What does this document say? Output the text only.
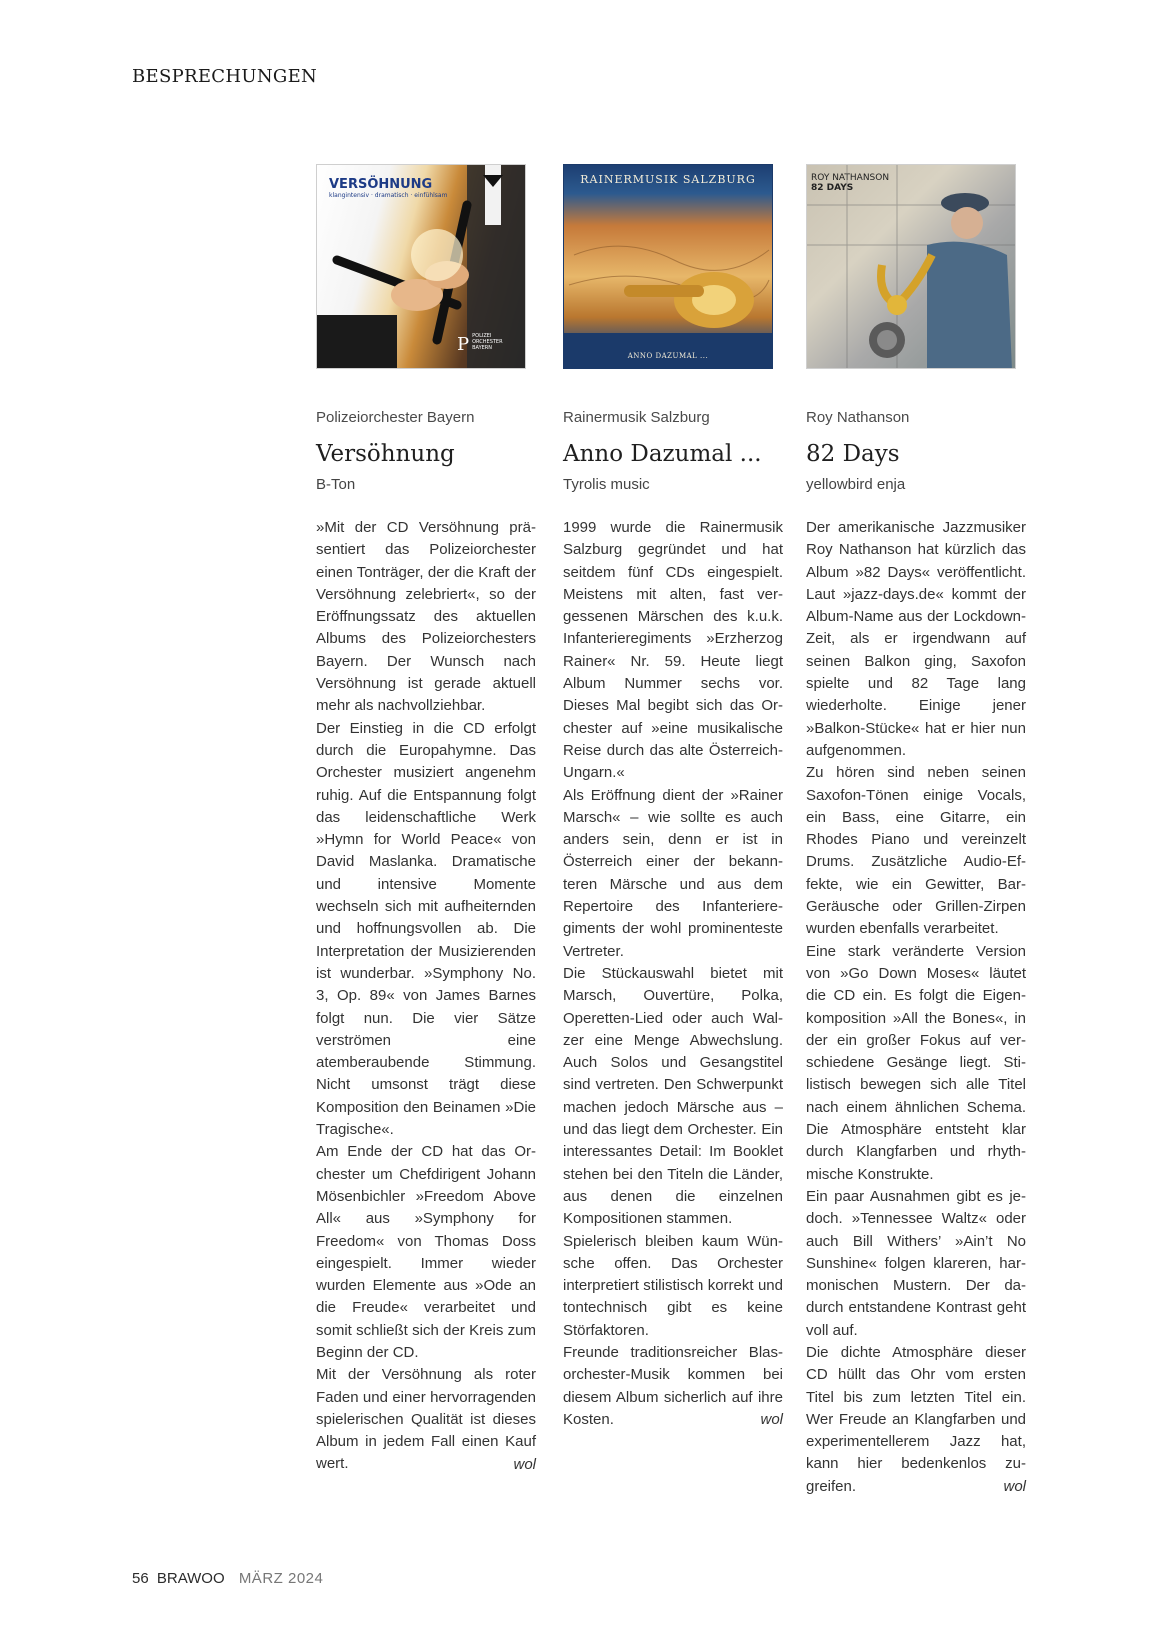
BESPRECHUNGEN
VERSÖHNUNG
klangintensiv · dramatisch · einfühlsam
P POLIZEI ORCHESTER BAYERN
Polizeiorchester Bayern
Versöhnung
B-Ton

»Mit der CD Versöhnung präsentiert das Polizeiorchester einen Tonträger, der die Kraft der Versöhnung zelebriert«, so der Eröffnungssatz des aktuellen Albums des Polizeiorchesters Bayern. Der Wunsch nach Versöhnung ist gerade aktuell mehr als nachvollziehbar.

Der Einstieg in die CD erfolgt durch die Europahymne. Das Orchester musiziert angenehm ruhig. Auf die Entspannung folgt das leidenschaftliche Werk »Hymn for World Peace« von David Maslanka. Dramatische und intensive Momente wechseln sich mit aufheiternden und hoffnungsvollen ab. Die Interpretation der Musizierenden ist wunderbar. »Symphony No. 3, Op. 89« von James Barnes folgt nun. Die vier Sätze verströmen eine atemberaubende Stimmung. Nicht umsonst trägt diese Komposition den Beinamen »Die Tragische«.

Am Ende der CD hat das Orchester um Chefdirigent Johann Mösenbichler »Freedom Above All« aus »Symphony for Freedom« von Thomas Doss eingespielt. Immer wieder wurden Elemente aus »Ode an die Freude« verarbeitet und somit schließt sich der Kreis zum Beginn der CD.

Mit der Versöhnung als roter Faden und einer hervorragenden spielerischen Qualität ist dieses Album in jedem Fall einen Kauf wert.	wol
RAINERMUSIK SALZBURG
ANNO DAZUMAL ...
Rainermusik Salzburg
Anno Dazumal ...
Tyrolis music

1999 wurde die Rainermusik Salzburg gegründet und hat seitdem fünf CDs eingespielt. Meistens mit alten, fast vergessenen Märschen des k.u.k. Infanterieregiments »Erzherzog Rainer« Nr. 59. Heute liegt Album Nummer sechs vor. Dieses Mal begibt sich das Orchester auf »eine musikalische Reise durch das alte Österreich-Ungarn.«

Als Eröffnung dient der »Rainer Marsch« – wie sollte es auch anders sein, denn er ist in Österreich einer der bekannteren Märsche und aus dem Repertoire des Infanterieregiments der wohl prominenteste Vertreter.

Die Stückauswahl bietet mit Marsch, Ouvertüre, Polka, Operetten-Lied oder auch Walzer eine Menge Abwechslung. Auch Solos und Gesangstitel sind vertreten. Den Schwerpunkt machen jedoch Märsche aus – und das liegt dem Orchester. Ein interessantes Detail: Im Booklet stehen bei den Titeln die Länder, aus denen die einzelnen Kompositionen stammen.

Spielerisch bleiben kaum Wünsche offen. Das Orchester interpretiert stilistisch korrekt und tontechnisch gibt es keine Störfaktoren.

Freunde traditionsreicher Blasorchester-Musik kommen bei diesem Album sicherlich auf ihre Kosten.	wol
ROY NATHANSON
82 DAYS
Roy Nathanson
82 Days
yellowbird enja

Der amerikanische Jazzmusiker Roy Nathanson hat kürzlich das Album »82 Days« veröffentlicht. Laut »jazz-days.de« kommt der Album-Name aus der Lockdown-Zeit, als er irgendwann auf seinen Balkon ging, Saxofon spielte und 82 Tage lang wiederholte. Einige jener »Balkon-Stücke« hat er hier nun aufgenommen.

Zu hören sind neben seinen Saxofon-Tönen einige Vocals, ein Bass, eine Gitarre, ein Rhodes Piano und vereinzelt Drums. Zusätzliche Audio-Effekte, wie ein Gewitter, BarGeräusche oder Grillen-Zirpen wurden ebenfalls verarbeitet.

Eine stark veränderte Version von »Go Down Moses« läutet die CD ein. Es folgt die Eigenkomposition »All the Bones«, in der ein großer Fokus auf verschiedene Gesänge liegt. Stilistisch bewegen sich alle Titel nach einem ähnlichen Schema. Die Atmosphäre entsteht klar durch Klangfarben und rhythmische Konstrukte.

Ein paar Ausnahmen gibt es jedoch. »Tennessee Waltz« oder auch Bill Withers’ »Ain’t No Sunshine« folgen klareren, harmonischen Mustern. Der dadurch entstandene Kontrast geht voll auf.

Die dichte Atmosphäre dieser CD hüllt das Ohr vom ersten Titel bis zum letzten Titel ein. Wer Freude an Klangfarben und experimentellerem Jazz hat, kann hier bedenkenlos zugreifen.	wol
56 BRAWOO MÄRZ 2024
